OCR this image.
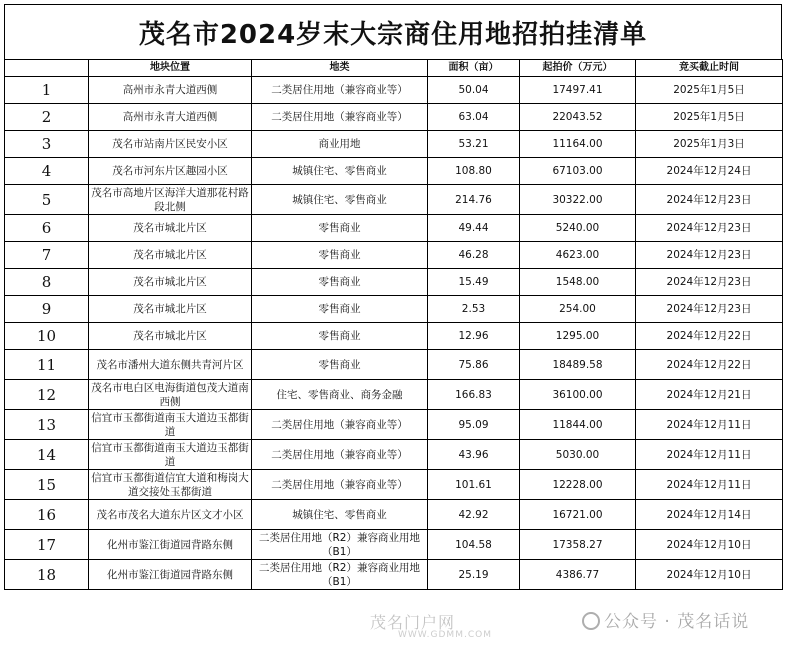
茂名市2024岁末大宗商住用地招拍挂清单
	地块位置	地类	面积（亩）	起拍价（万元）	竞买截止时间
1	高州市永青大道西侧	二类居住用地（兼容商业等）	50.04	17497.41	2025年1月5日
2	高州市永青大道西侧	二类居住用地（兼容商业等）	63.04	22043.52	2025年1月5日
3	茂名市站南片区民安小区	商业用地	53.21	11164.00	2025年1月3日
4	茂名市河东片区趣园小区	城镇住宅、零售商业	108.80	67103.00	2024年12月24日
5	茂名市高地片区海洋大道那花村路段北侧	城镇住宅、零售商业	214.76	30322.00	2024年12月23日
6	茂名市城北片区	零售商业	49.44	5240.00	2024年12月23日
7	茂名市城北片区	零售商业	46.28	4623.00	2024年12月23日
8	茂名市城北片区	零售商业	15.49	1548.00	2024年12月23日
9	茂名市城北片区	零售商业	2.53	254.00	2024年12月23日
10	茂名市城北片区	零售商业	12.96	1295.00	2024年12月22日
11	茂名市潘州大道东侧共青河片区	零售商业	75.86	18489.58	2024年12月22日
12	茂名市电白区电海街道包茂大道南西侧	住宅、零售商业、商务金融	166.83	36100.00	2024年12月21日
13	信宜市玉都街道南玉大道边玉都街道	二类居住用地（兼容商业等）	95.09	11844.00	2024年12月11日
14	信宜市玉都街道南玉大道边玉都街道	二类居住用地（兼容商业等）	43.96	5030.00	2024年12月11日
15	信宜市玉都街道信宜大道和梅岗大道交接处玉都街道	二类居住用地（兼容商业等）	101.61	12228.00	2024年12月11日
16	茂名市茂名大道东片区文才小区	城镇住宅、零售商业	42.92	16721.00	2024年12月14日
17	化州市鉴江街道园背路东侧	二类居住用地（R2）兼容商业用地（B1）	104.58	17358.27	2024年12月10日
18	化州市鉴江街道园背路东侧	二类居住用地（R2）兼容商业用地（B1）	25.19	4386.77	2024年12月10日
茂名门户网
WWW.GDMM.COM
公众号 · 茂名话说
